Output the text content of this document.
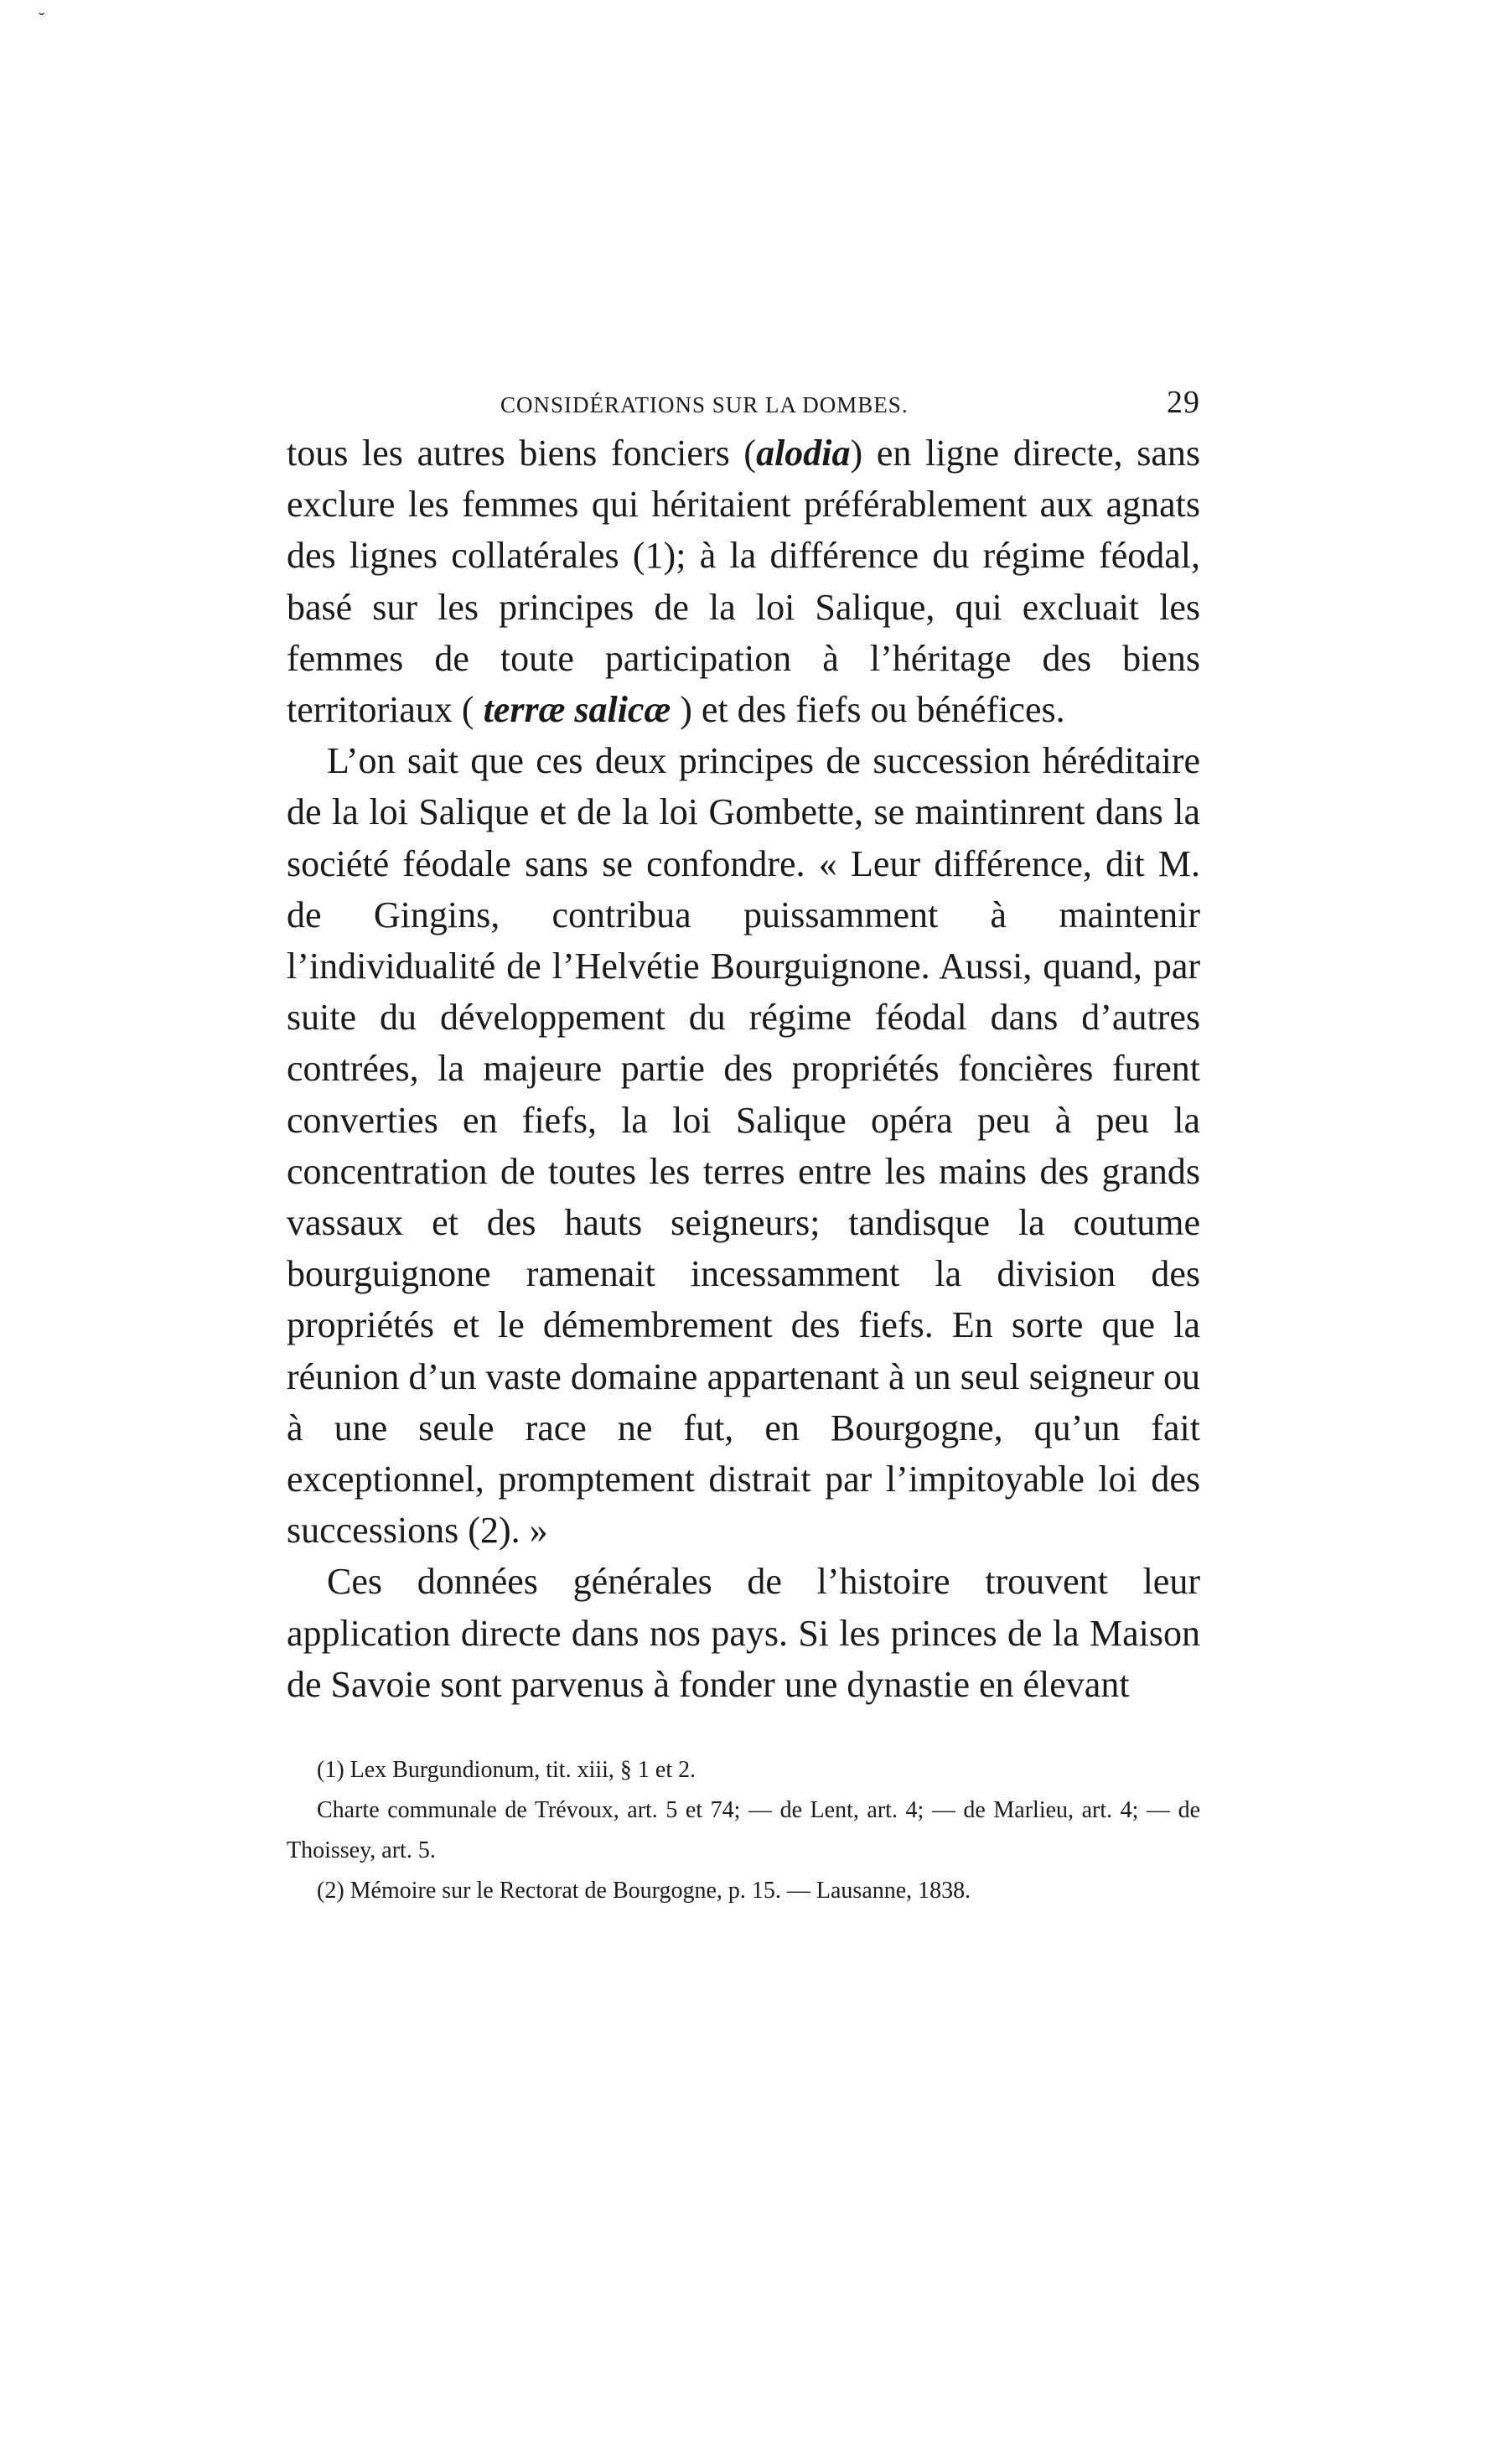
˘
CONSIDÉRATIONS SUR LA DOMBES.	29

tous les autres biens fonciers (alodia) en ligne directe, sans exclure les femmes qui héritaient préférablement aux agnats des lignes collatérales (1); à la différence du régime féodal, basé sur les principes de la loi Salique, qui excluait les femmes de toute participation à l’héritage des biens territoriaux ( terræ salicæ ) et des fiefs ou bénéfices.

L’on sait que ces deux principes de succession héréditaire de la loi Salique et de la loi Gombette, se maintinrent dans la société féodale sans se confondre. « Leur différence, dit M. de Gingins, contribua puissamment à maintenir l’individualité de l’Helvétie Bourguignone. Aussi, quand, par suite du développement du régime féodal dans d’autres contrées, la majeure partie des propriétés foncières furent converties en fiefs, la loi Salique opéra peu à peu la concentration de toutes les terres entre les mains des grands vassaux et des hauts seigneurs; tandisque la coutume bourguignone ramenait incessamment la division des propriétés et le démembrement des fiefs. En sorte que la réunion d’un vaste domaine appartenant à un seul seigneur ou à une seule race ne fut, en Bourgogne, qu’un fait exceptionnel, promptement distrait par l’impitoyable loi des successions (2). »

Ces données générales de l’histoire trouvent leur application directe dans nos pays. Si les princes de la Maison de Savoie sont parvenus à fonder une dynastie en élevant

(1) Lex Burgundionum, tit. xiii, § 1 et 2.

Charte communale de Trévoux, art. 5 et 74; — de Lent, art. 4; — de Marlieu, art. 4; — de Thoissey, art. 5.

(2) Mémoire sur le Rectorat de Bourgogne, p. 15. — Lausanne, 1838.
